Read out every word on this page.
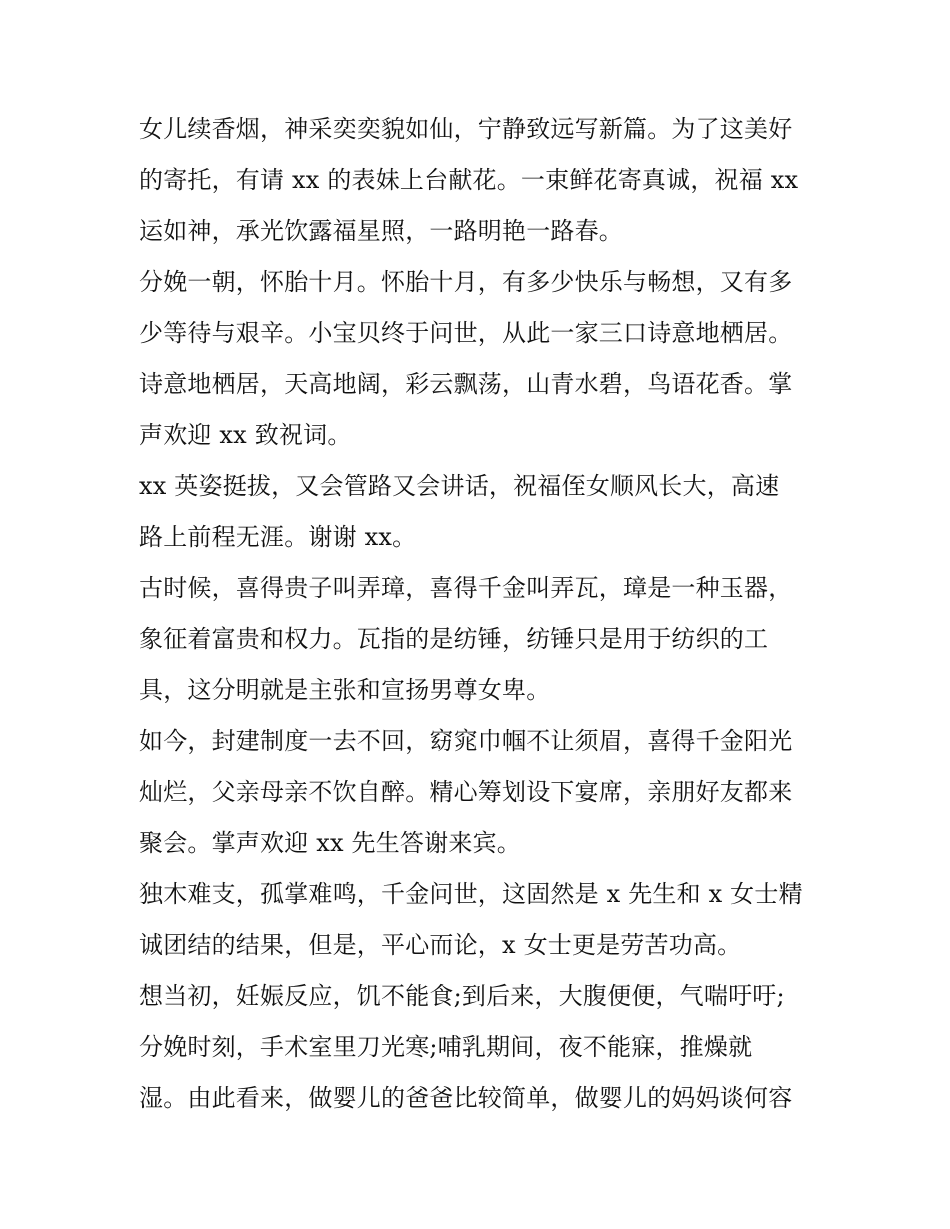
女儿续香烟，神采奕奕貌如仙，宁静致远写新篇。为了这美好
的寄托，有请 xx 的表妹上台献花。一束鲜花寄真诚，祝福 xx
运如神，承光饮露福星照，一路明艳一路春。
分娩一朝，怀胎十月。怀胎十月，有多少快乐与畅想，又有多
少等待与艰辛。小宝贝终于问世，从此一家三口诗意地栖居。
诗意地栖居，天高地阔，彩云飘荡，山青水碧，鸟语花香。掌
声欢迎 xx 致祝词。
xx 英姿挺拔，又会管路又会讲话，祝福侄女顺风长大，高速
路上前程无涯。谢谢 xx。
古时候，喜得贵子叫弄璋，喜得千金叫弄瓦，璋是一种玉器，
象征着富贵和权力。瓦指的是纺锤，纺锤只是用于纺织的工
具，这分明就是主张和宣扬男尊女卑。
如今，封建制度一去不回，窈窕巾帼不让须眉，喜得千金阳光
灿烂，父亲母亲不饮自醉。精心筹划设下宴席，亲朋好友都来
聚会。掌声欢迎 xx 先生答谢来宾。
独木难支，孤掌难鸣，千金问世，这固然是 x 先生和 x 女士精
诚团结的结果，但是，平心而论，x 女士更是劳苦功高。
想当初，妊娠反应，饥不能食;到后来，大腹便便，气喘吁吁;
分娩时刻，手术室里刀光寒;哺乳期间，夜不能寐，推燥就
湿。由此看来，做婴儿的爸爸比较简单，做婴儿的妈妈谈何容
